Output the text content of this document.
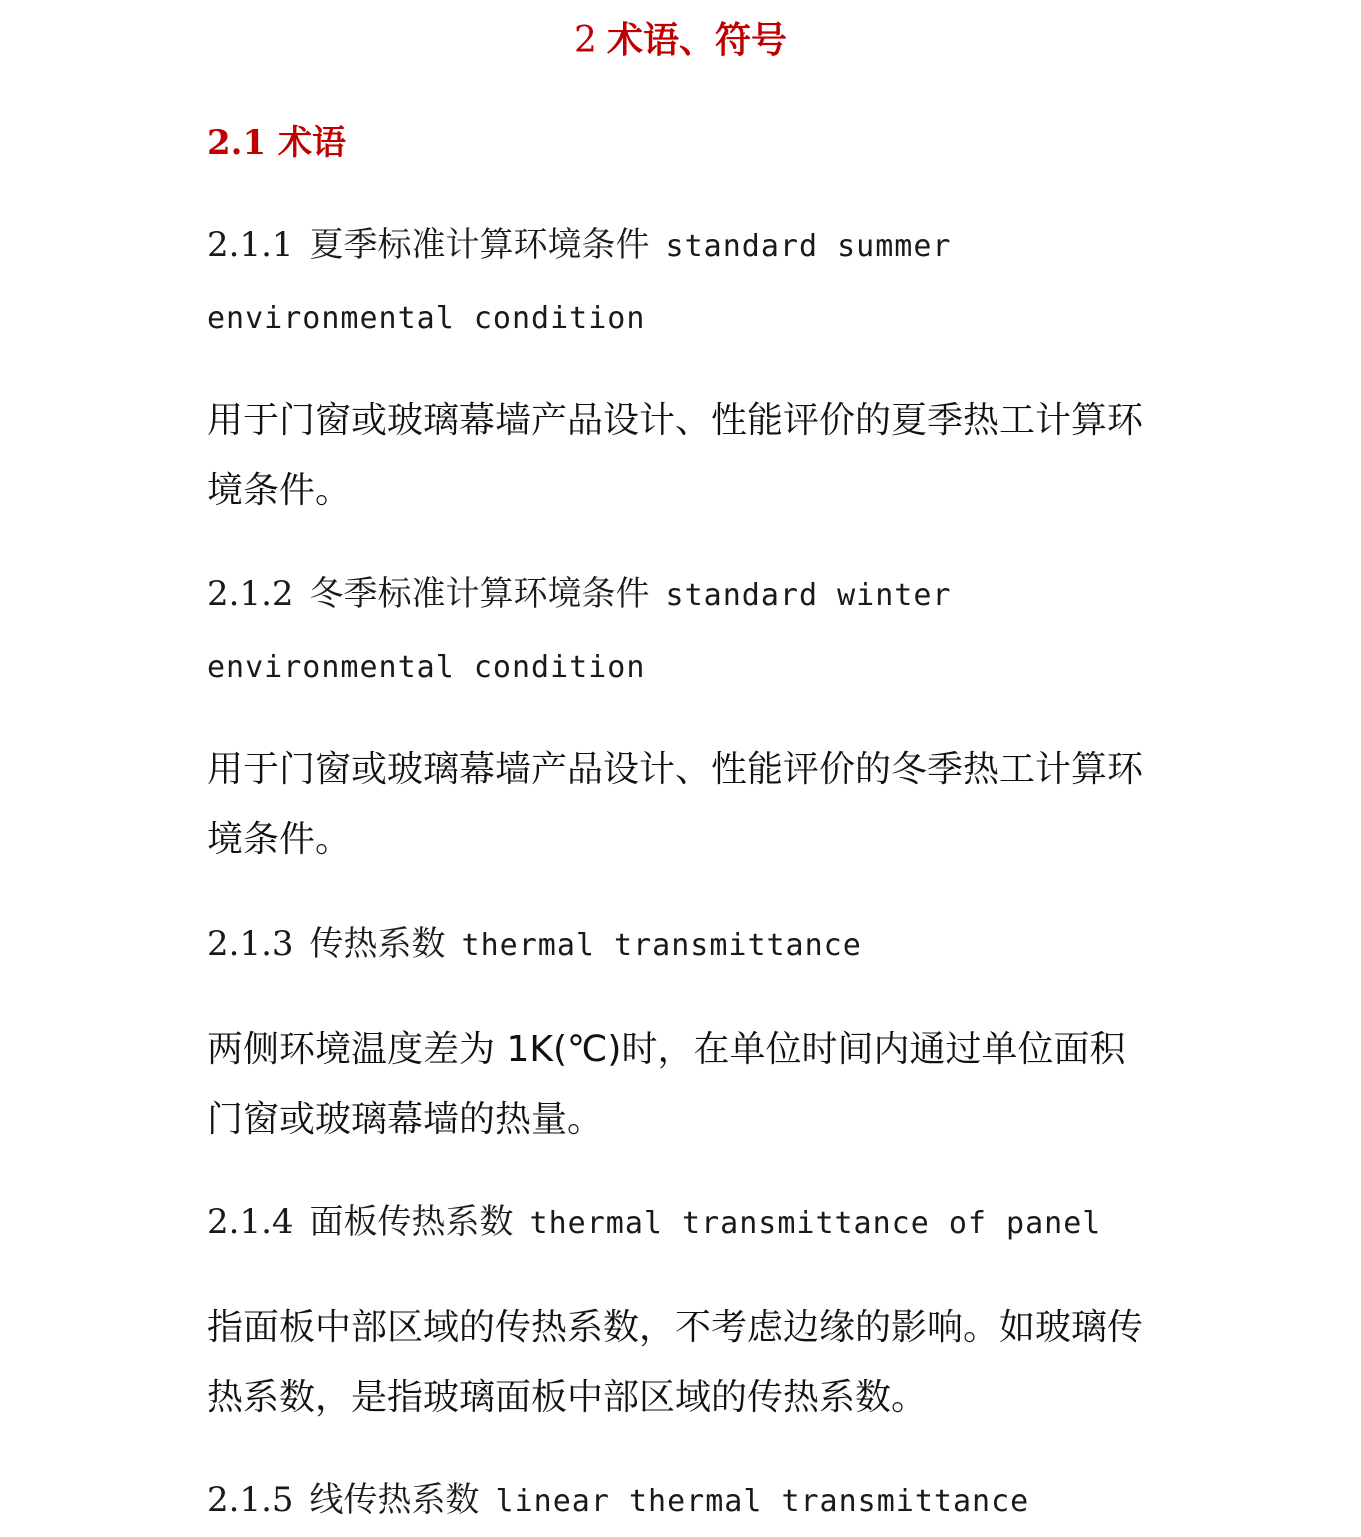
2 术语、符号
2.1 术语

2.1.1 夏季标准计算环境条件 standard summer environmental condition

用于门窗或玻璃幕墙产品设计、性能评价的夏季热工计算环境条件。

2.1.2 冬季标准计算环境条件 standard winter environmental condition

用于门窗或玻璃幕墙产品设计、性能评价的冬季热工计算环境条件。

2.1.3 传热系数 thermal transmittance

两侧环境温度差为 1K(℃)时，在单位时间内通过单位面积门窗或玻璃幕墙的热量。

2.1.4 面板传热系数 thermal transmittance of panel

指面板中部区域的传热系数，不考虑边缘的影响。如玻璃传热系数，是指玻璃面板中部区域的传热系数。

2.1.5 线传热系数 linear thermal transmittance
